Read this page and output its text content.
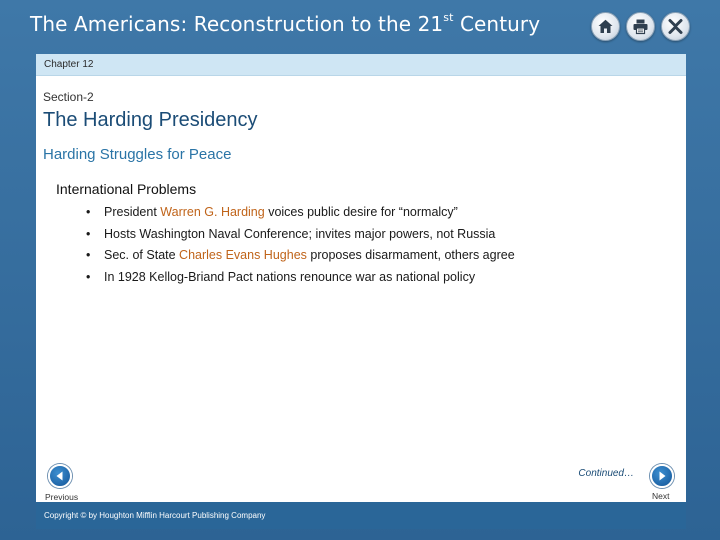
The Americans: Reconstruction to the 21st Century
Chapter 12
Section-2
The Harding Presidency
Harding Struggles for Peace
International Problems
• President Warren G. Harding voices public desire for “normalcy”
• Hosts Washington Naval Conference; invites major powers, not Russia
• Sec. of State Charles Evans Hughes proposes disarmament, others agree
• In 1928 Kellog-Briand Pact nations renounce war as national policy
Continued…
Previous	Next
Copyright © by Houghton Mifflin Harcourt Publishing Company
